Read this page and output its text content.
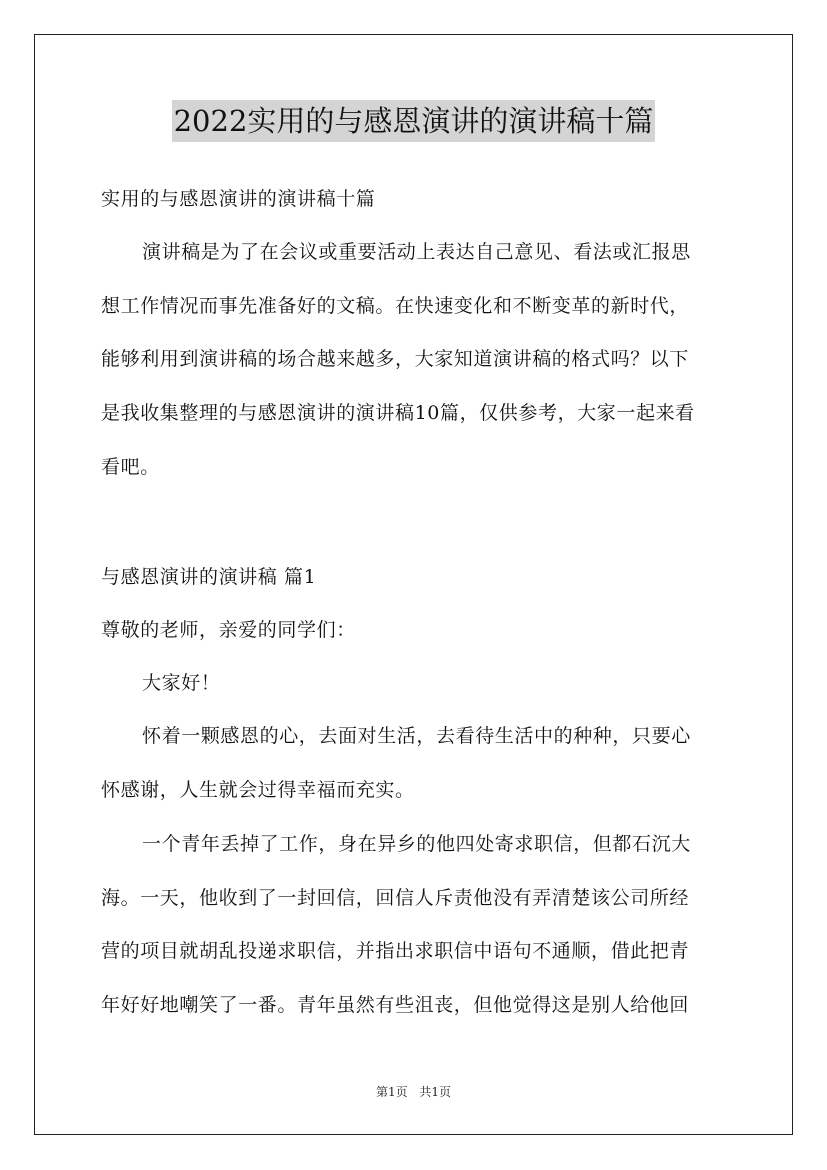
2022实用的与感恩演讲的演讲稿十篇
实用的与感恩演讲的演讲稿十篇
演讲稿是为了在会议或重要活动上表达自己意见、看法或汇报思
想工作情况而事先准备好的文稿。在快速变化和不断变革的新时代，
能够利用到演讲稿的场合越来越多，大家知道演讲稿的格式吗？以下
是我收集整理的与感恩演讲的演讲稿10篇，仅供参考，大家一起来看
看吧。
与感恩演讲的演讲稿 篇1
尊敬的老师，亲爱的同学们：
大家好！
怀着一颗感恩的心，去面对生活，去看待生活中的种种，只要心
怀感谢，人生就会过得幸福而充实。
一个青年丢掉了工作，身在异乡的他四处寄求职信，但都石沉大
海。一天，他收到了一封回信，回信人斥责他没有弄清楚该公司所经
营的项目就胡乱投递求职信，并指出求职信中语句不通顺，借此把青
年好好地嘲笑了一番。青年虽然有些沮丧，但他觉得这是别人给他回
第1页 共1页
